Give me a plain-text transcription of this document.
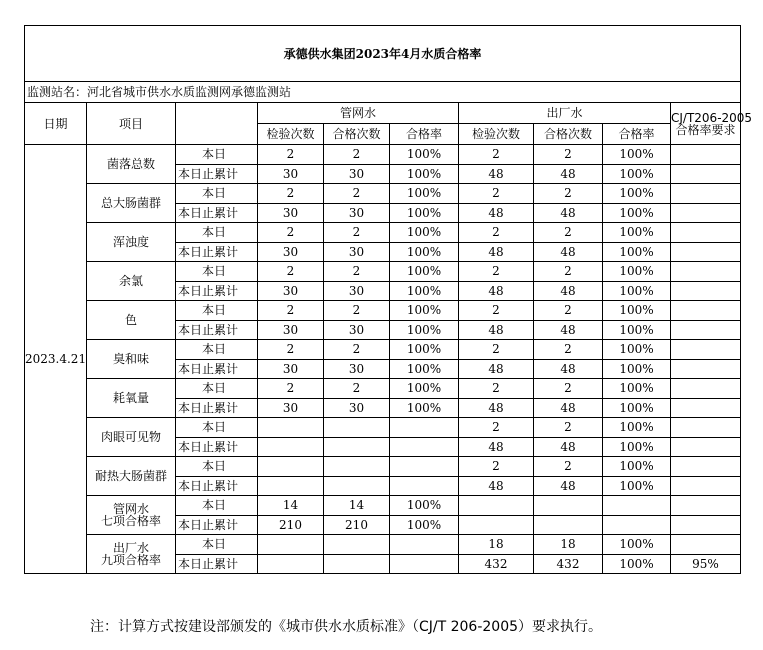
承德供水集团2023年4月水质合格率									
监测站名：河北省城市供水水质监测网承德监测站									
日期	项目		管网水			出厂水			CJ/T206-2005
合格率要求
			检验次数	合格次数	合格率	检验次数	合格次数	合格率	
2023.4.21	菌落总数	本日	2	2	100%	2	2	100%	
		本日止累计	30	30	100%	48	48	100%	
	总大肠菌群	本日	2	2	100%	2	2	100%	
		本日止累计	30	30	100%	48	48	100%	
	浑浊度	本日	2	2	100%	2	2	100%	
		本日止累计	30	30	100%	48	48	100%	
	余氯	本日	2	2	100%	2	2	100%	
		本日止累计	30	30	100%	48	48	100%	
	色	本日	2	2	100%	2	2	100%	
		本日止累计	30	30	100%	48	48	100%	
	臭和味	本日	2	2	100%	2	2	100%	
		本日止累计	30	30	100%	48	48	100%	
	耗氧量	本日	2	2	100%	2	2	100%	
		本日止累计	30	30	100%	48	48	100%	
	肉眼可见物	本日				2	2	100%	
		本日止累计				48	48	100%	
	耐热大肠菌群	本日				2	2	100%	
		本日止累计				48	48	100%	
	管网水
七项合格率	本日	14	14	100%				
		本日止累计	210	210	100%				
	出厂水
九项合格率	本日				18	18	100%	
		本日止累计				432	432	100%	95%
注：计算方式按建设部颁发的《城市供水水质标准》（CJ/T 206-2005）要求执行。
